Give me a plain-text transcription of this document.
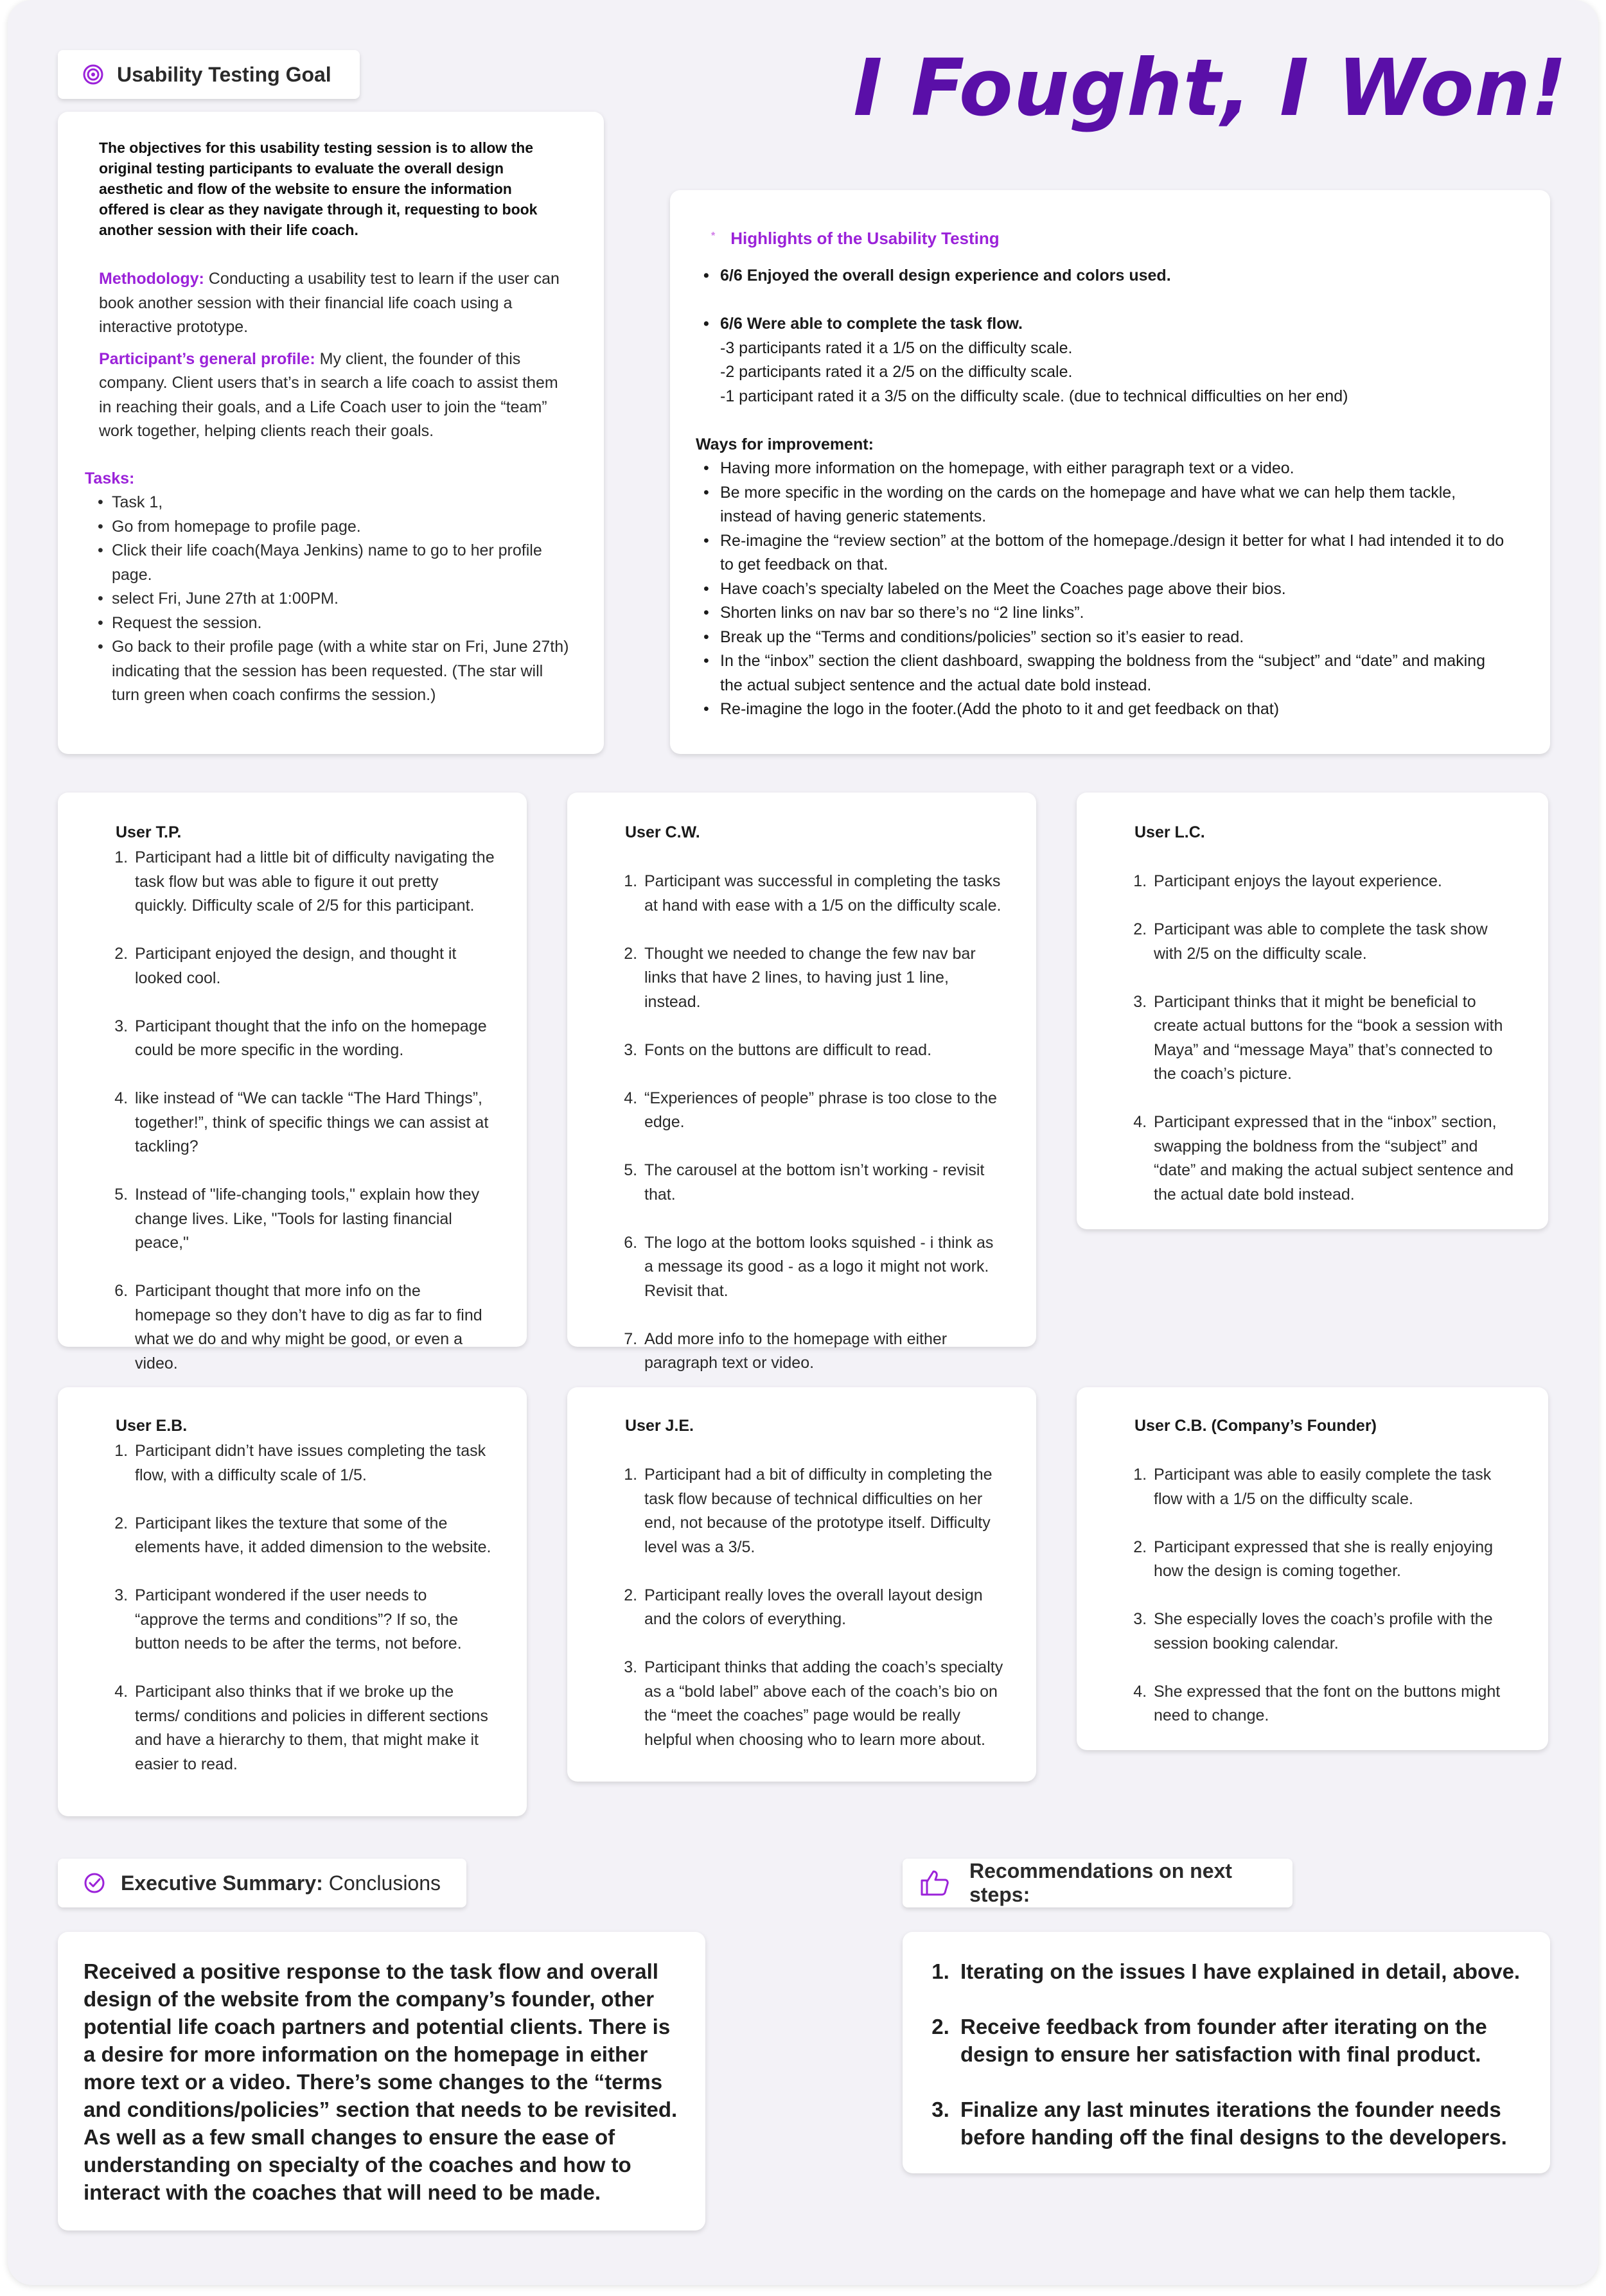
I Fought, I Won!
Usability Testing Goal

The objectives for this usability testing session is to allow the original testing participants to evaluate the overall design aesthetic and flow of the website to ensure the information offered is clear as they navigate through it, requesting to book another session with their life coach.

Methodology: Conducting a usability test to learn if the user can book another session with their financial life coach using a interactive prototype.

Participant’s general profile: My client, the founder of this company. Client users that’s in search a life coach to assist them in reaching their goals, and a Life Coach user to join the “team” work together, helping clients reach their goals.

Tasks:

• Task 1,
• Go from homepage to profile page.
• Click their life coach(Maya Jenkins) name to go to her profile page.
• select Fri, June 27th at 1:00PM.
• Request the session.
• Go back to their profile page (with a white star on Fri, June 27th) indicating that the session has been requested. (The star will turn green when coach confirms the session.)

* Highlights of the Usability Testing

• 6/6 Enjoyed the overall design experience and colors used.

• 6/6 Were able to complete the task flow.

-3 participants rated it a 1/5 on the difficulty scale.

-2 participants rated it a 2/5 on the difficulty scale.

-1 participant rated it a 3/5 on the difficulty scale. (due to technical difficulties on her end)

Ways for improvement:

• Having more information on the homepage, with either paragraph text or a video.
• Be more specific in the wording on the cards on the homepage and have what we can help them tackle, instead of having generic statements.
• Re-imagine the “review section” at the bottom of the homepage./design it better for what I had intended it to do to get feedback on that.
• Have coach’s specialty labeled on the Meet the Coaches page above their bios.
• Shorten links on nav bar so there’s no “2 line links”.
• Break up the “Terms and conditions/policies” section so it’s easier to read.
• In the “inbox” section the client dashboard, swapping the boldness from the “subject” and “date” and making the actual subject sentence and the actual date bold instead.
• Re-imagine the logo in the footer.(Add the photo to it and get feedback on that)
User T.P.
1. Participant had a little bit of difficulty navigating the task flow but was able to figure it out pretty quickly. Difficulty scale of 2/5 for this participant.
2. Participant enjoyed the design, and thought it looked cool.
3. Participant thought that the info on the homepage could be more specific in the wording.
4. like instead of “We can tackle “The Hard Things”, together!”, think of specific things we can assist at tackling?
5. Instead of "life-changing tools," explain how they change lives. Like, "Tools for lasting financial peace,"
6. Participant thought that more info on the homepage so they don’t have to dig as far to find what we do and why might be good, or even a video.
User C.W.
1. Participant was successful in completing the tasks at hand with ease with a 1/5 on the difficulty scale.
2. Thought we needed to change the few nav bar links that have 2 lines, to having just 1 line, instead.
3. Fonts on the buttons are difficult to read.
4. “Experiences of people” phrase is too close to the edge.
5. The carousel at the bottom isn’t working - revisit that.
6. The logo at the bottom looks squished - i think as a message its good - as a logo it might not work. Revisit that.
7. Add more info to the homepage with either paragraph text or video.
User L.C.
1. Participant enjoys the layout experience.
2. Participant was able to complete the task show with 2/5 on the difficulty scale.
3. Participant thinks that it might be beneficial to create actual buttons for the “book a session with Maya” and “message Maya” that’s connected to the coach’s picture.
4. Participant expressed that in the “inbox” section, swapping the boldness from the “subject” and “date” and making the actual subject sentence and the actual date bold instead.
User E.B.
1. Participant didn’t have issues completing the task flow, with a difficulty scale of 1/5.
2. Participant likes the texture that some of the elements have, it added dimension to the website.
3. Participant wondered if the user needs to “approve the terms and conditions”? If so, the button needs to be after the terms, not before.
4. Participant also thinks that if we broke up the terms/ conditions and policies in different sections and have a hierarchy to them, that might make it easier to read.
User J.E.
1. Participant had a bit of difficulty in completing the task flow because of technical difficulties on her end, not because of the prototype itself. Difficulty level was a 3/5.
2. Participant really loves the overall layout design and the colors of everything.
3. Participant thinks that adding the coach’s specialty as a “bold label” above each of the coach’s bio on the “meet the coaches” page would be really helpful when choosing who to learn more about.
User C.B. (Company’s Founder)
1. Participant was able to easily complete the task flow with a 1/5 on the difficulty scale.
2. Participant expressed that she is really enjoying how the design is coming together.
3. She especially loves the coach’s profile with the session booking calendar.
4. She expressed that the font on the buttons might need to change.
Executive Summary: Conclusions

Received a positive response to the task flow and overall design of the website from the company’s founder, other potential life coach partners and potential clients. There is a desire for more information on the homepage in either more text or a video. There’s some changes to the “terms and conditions/policies” section that needs to be revisited. As well as a few small changes to ensure the ease of understanding on specialty of the coaches and how to interact with the coaches that will need to be made.

Recommendations on next steps:
1. Iterating on the issues I have explained in detail, above.
2. Receive feedback from founder after iterating on the design to ensure her satisfaction with final product.
3. Finalize any last minutes iterations the founder needs before handing off the final designs to the developers.
